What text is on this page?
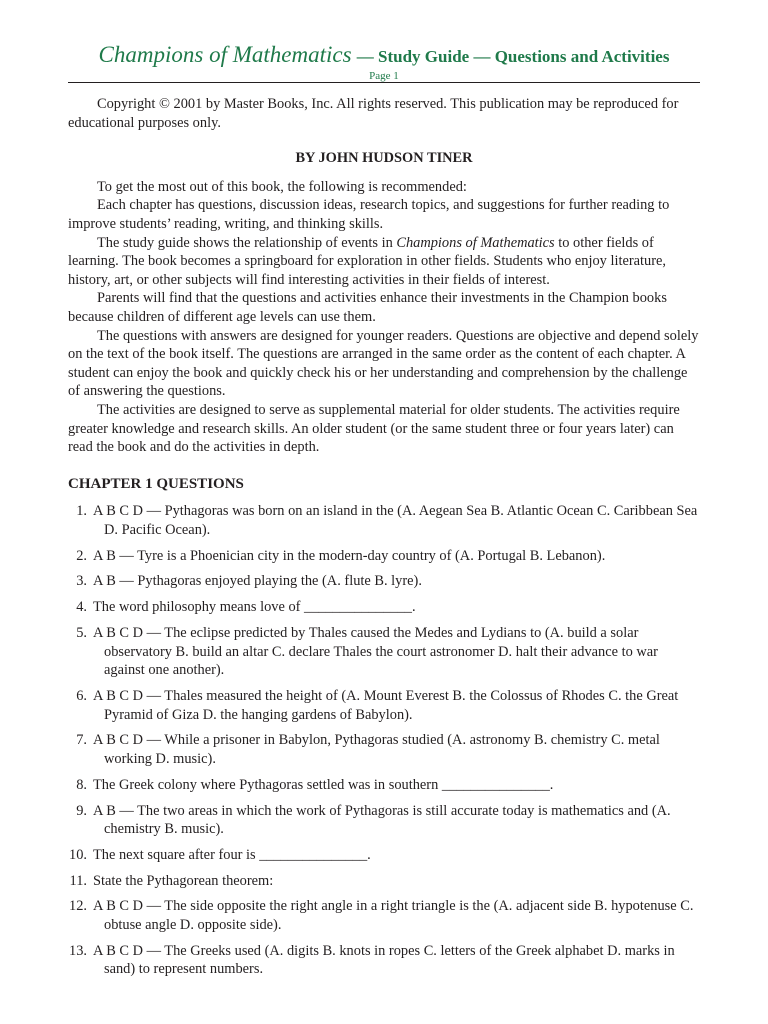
Champions of Mathematics — Study Guide — Questions and Activities
Page 1

Copyright © 2001 by Master Books, Inc. All rights reserved. This publication may be reproduced for educational purposes only.

BY JOHN HUDSON TINER

To get the most out of this book, the following is recommended:

Each chapter has questions, discussion ideas, research topics, and suggestions for further reading to improve students’ reading, writing, and thinking skills.

The study guide shows the relationship of events in Champions of Mathematics to other fields of learning. The book becomes a springboard for exploration in other fields. Students who enjoy literature, history, art, or other subjects will find interesting activities in their fields of interest.

Parents will find that the questions and activities enhance their investments in the Champion books because children of different age levels can use them.

The questions with answers are designed for younger readers. Questions are objective and depend solely on the text of the book itself. The questions are arranged in the same order as the content of each chapter. A student can enjoy the book and quickly check his or her understanding and comprehension by the challenge of answering the questions.

The activities are designed to serve as supplemental material for older students. The activities require greater knowledge and research skills. An older student (or the same student three or four years later) can read the book and do the activities in depth.

CHAPTER 1 QUESTIONS

1. A B C D — Pythagoras was born on an island in the (A. Aegean Sea B. Atlantic Ocean C. Caribbean Sea D. Pacific Ocean).
2. A B — Tyre is a Phoenician city in the modern-day country of (A. Portugal B. Lebanon).
3. A B — Pythagoras enjoyed playing the (A. flute B. lyre).
4. The word philosophy means love of _______________.
5. A B C D — The eclipse predicted by Thales caused the Medes and Lydians to (A. build a solar observatory B. build an altar C. declare Thales the court astronomer D. halt their advance to war against one another).
6. A B C D — Thales measured the height of (A. Mount Everest B. the Colossus of Rhodes C. the Great Pyramid of Giza D. the hanging gardens of Babylon).
7. A B C D — While a prisoner in Babylon, Pythagoras studied (A. astronomy B. chemistry C. metal working D. music).
8. The Greek colony where Pythagoras settled was in southern _______________.
9. A B — The two areas in which the work of Pythagoras is still accurate today is mathematics and (A. chemistry B. music).
10. The next square after four is _______________.
11. State the Pythagorean theorem:
12. A B C D — The side opposite the right angle in a right triangle is the (A. adjacent side B. hypotenuse C. obtuse angle D. opposite side).
13. A B C D — The Greeks used (A. digits B. knots in ropes C. letters of the Greek alphabet D. marks in sand) to represent numbers.
